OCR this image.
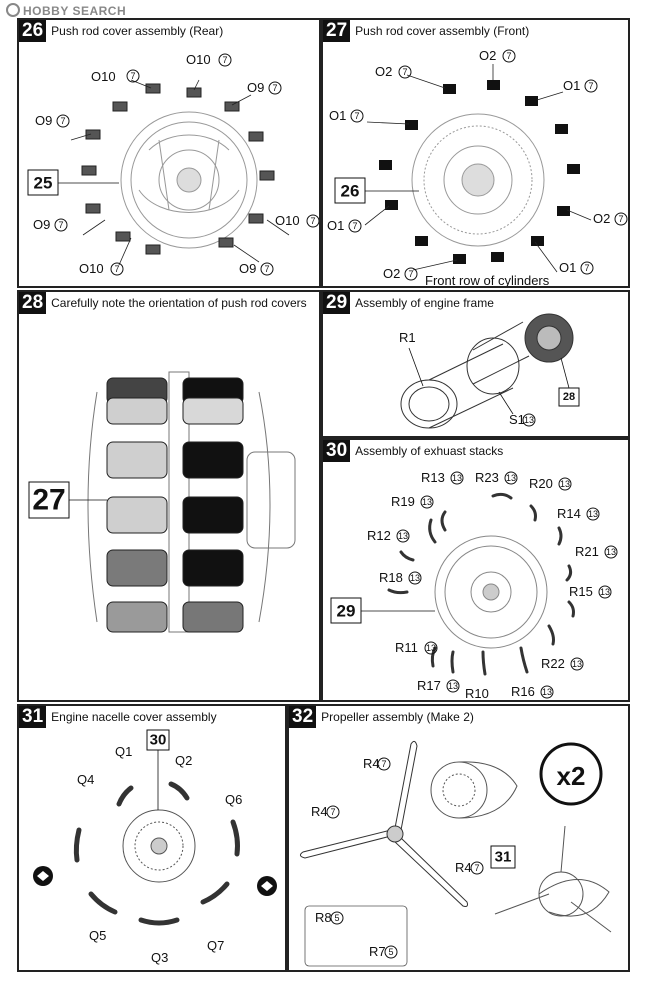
HOBBY SEARCH
26 Push rod cover assembly (Rear)
O10 7
O10 7
O9 7
O9 7
O9 7	O10 7
O10 7	O9 7
25
27 Push rod cover assembly (Front)
O2 7
O2 7
O1 7
O1 7
O2 7
O1 7
O2 7	O1 7
26
Front row of cylinders
28 Carefully note the orientation of push rod covers
27
29 Assembly of engine frame
R1
S1 13
28
30 Assembly of exhuast stacks
R13 13 R23 13 R20 13
R19 13
R14 13
R12 13
R21 13
R18 13
R15 13
R11 13
R22 13
R17 13 R10 R16 13
29
31 Engine nacelle cover assembly
Q1
Q2
Q4
Q6
Q5
Q7
Q3
30
32 Propeller assembly (Make 2)
R4 7
R4 7
R4 7
R8 5
R7 5
31
x2
